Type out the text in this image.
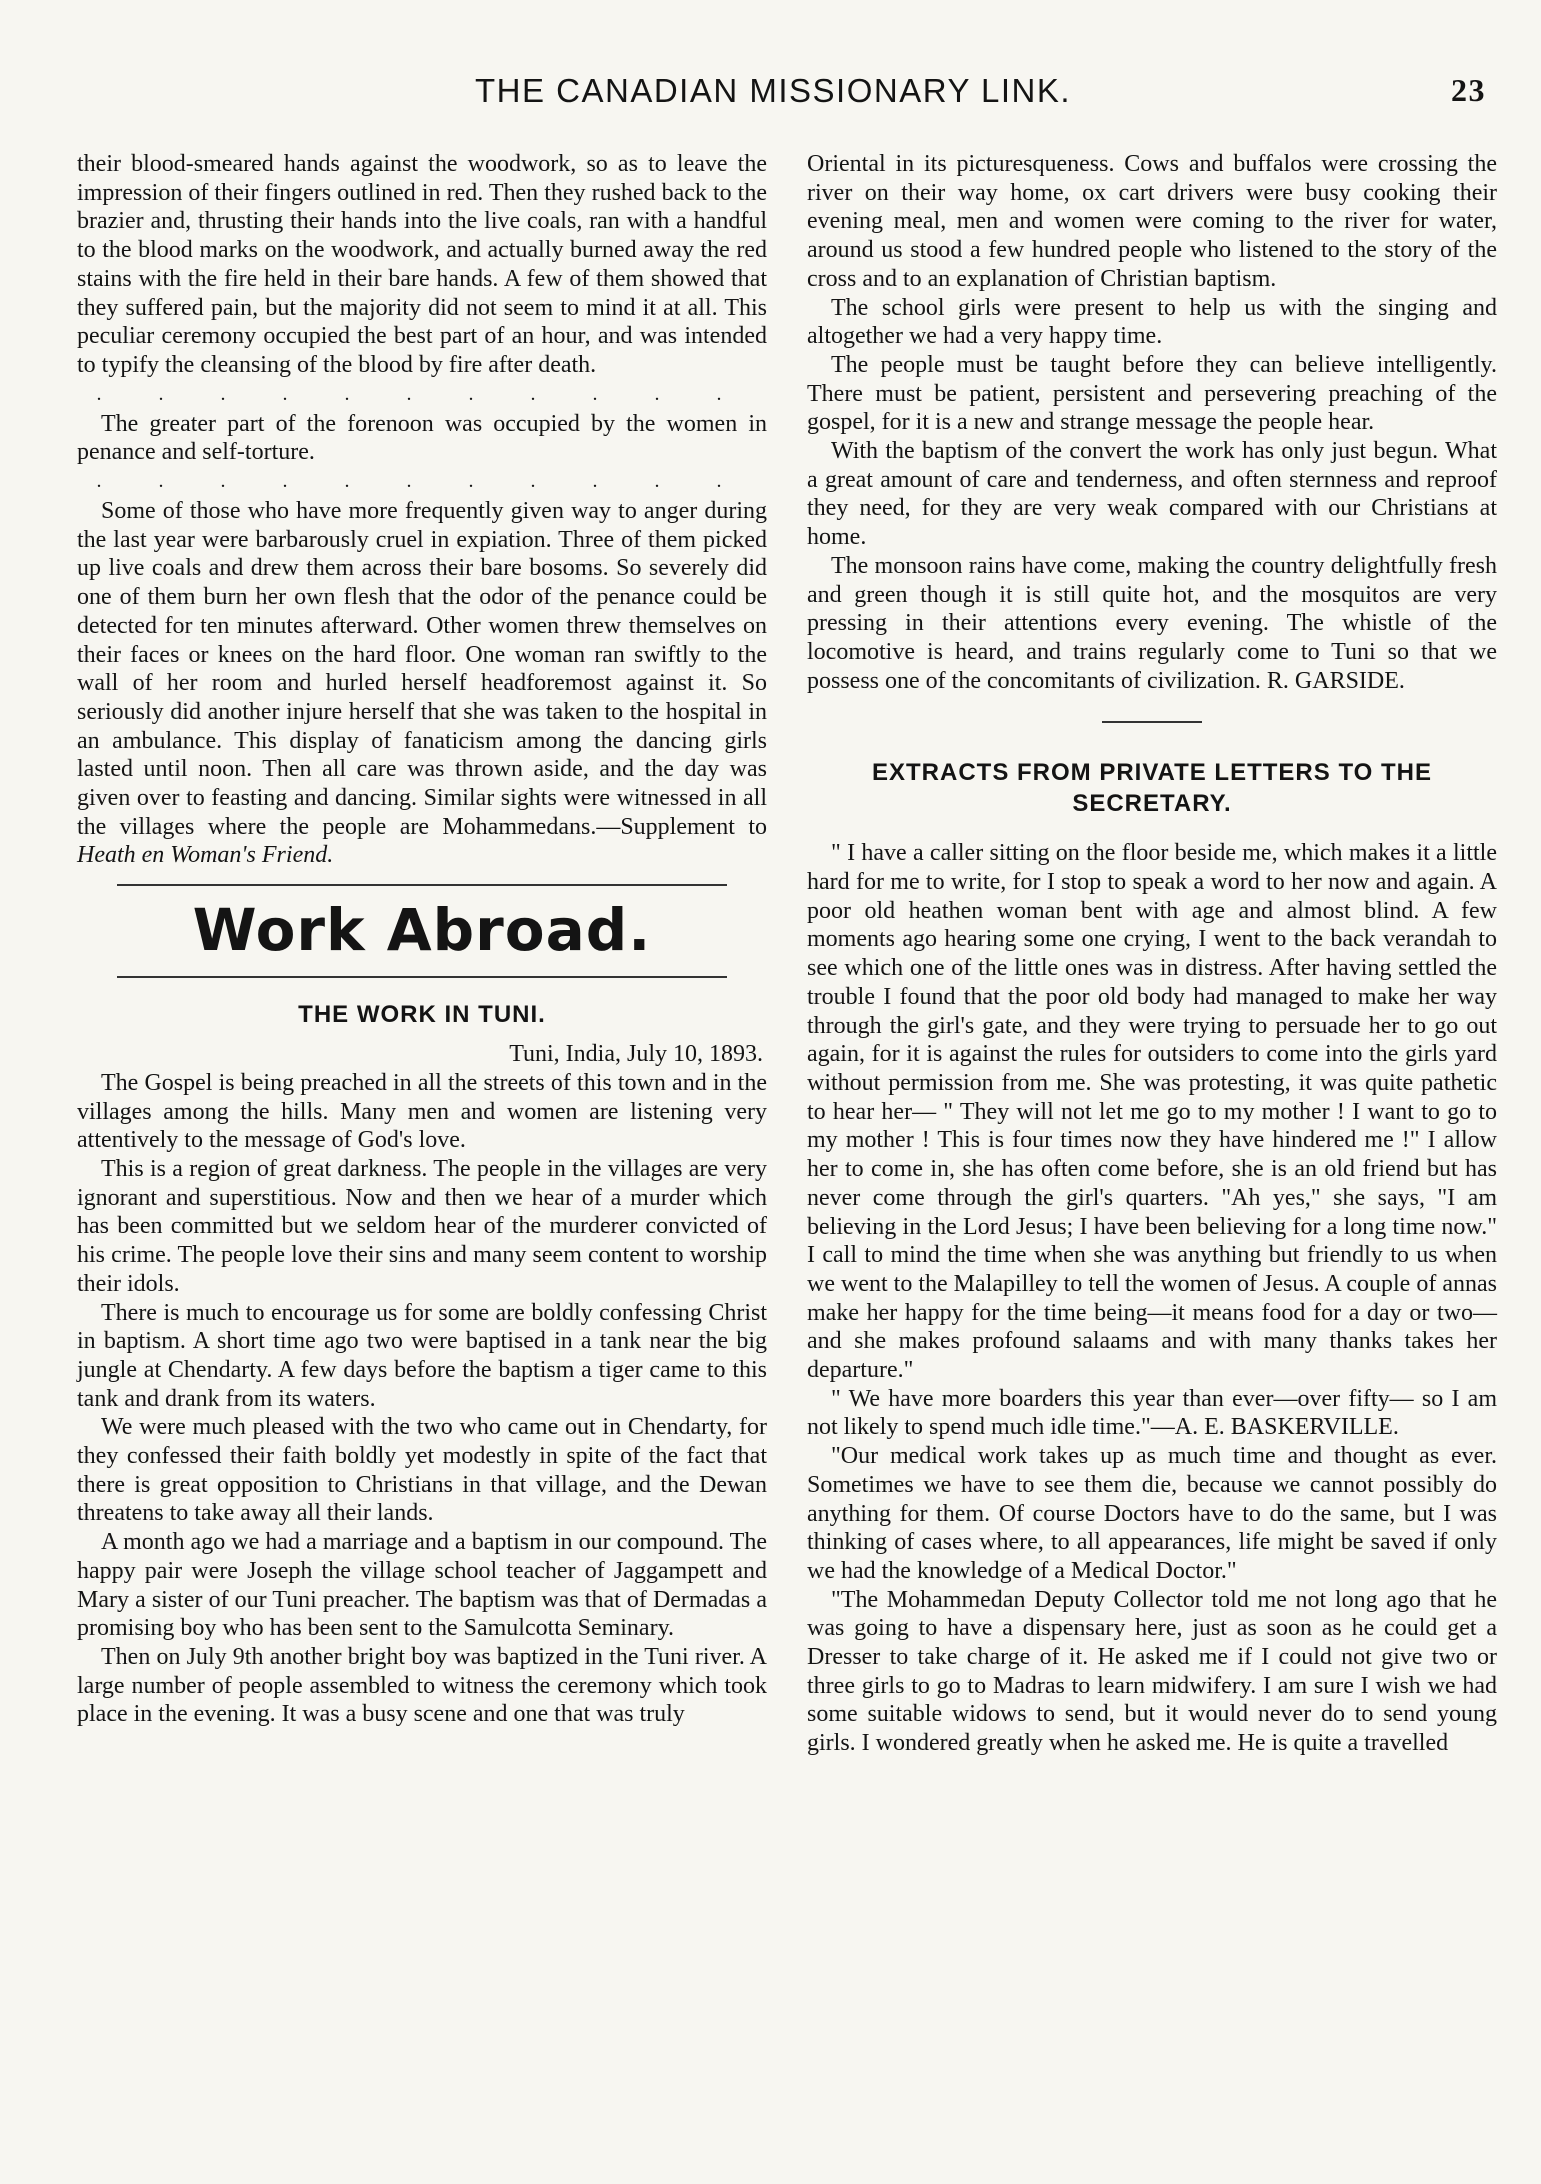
THE CANADIAN MISSIONARY LINK.	23

their blood-smeared hands against the woodwork, so as to leave the impression of their fingers outlined in red. Then they rushed back to the brazier and, thrusting their hands into the live coals, ran with a handful to the blood marks on the woodwork, and actually burned away the red stains with the fire held in their bare hands. A few of them showed that they suffered pain, but the majority did not seem to mind it at all. This peculiar ceremony occupied the best part of an hour, and was intended to typify the cleansing of the blood by fire after death.

. . . . . . . . . . .

The greater part of the forenoon was occupied by the women in penance and self-torture.

. . . . . . . . . . .

Some of those who have more frequently given way to anger during the last year were barbarously cruel in expiation. Three of them picked up live coals and drew them across their bare bosoms. So severely did one of them burn her own flesh that the odor of the penance could be detected for ten minutes afterward. Other women threw themselves on their faces or knees on the hard floor. One woman ran swiftly to the wall of her room and hurled herself headforemost against it. So seriously did another injure herself that she was taken to the hospital in an ambulance. This display of fanaticism among the dancing girls lasted until noon. Then all care was thrown aside, and the day was given over to feasting and dancing. Similar sights were witnessed in all the villages where the people are Mohammedans.—Supplement to Heath en Woman's Friend.

Work Abroad.
THE WORK IN TUNI.
Tuni, India, July 10, 1893.

The Gospel is being preached in all the streets of this town and in the villages among the hills. Many men and women are listening very attentively to the message of God's love.

This is a region of great darkness. The people in the villages are very ignorant and superstitious. Now and then we hear of a murder which has been committed but we seldom hear of the murderer convicted of his crime. The people love their sins and many seem content to worship their idols.

There is much to encourage us for some are boldly confessing Christ in baptism. A short time ago two were baptised in a tank near the big jungle at Chendarty. A few days before the baptism a tiger came to this tank and drank from its waters.

We were much pleased with the two who came out in Chendarty, for they confessed their faith boldly yet modestly in spite of the fact that there is great opposition to Christians in that village, and the Dewan threatens to take away all their lands.

A month ago we had a marriage and a baptism in our compound. The happy pair were Joseph the village school teacher of Jaggampett and Mary a sister of our Tuni preacher. The baptism was that of Dermadas a promising boy who has been sent to the Samulcotta Seminary.

Then on July 9th another bright boy was baptized in the Tuni river. A large number of people assembled to witness the ceremony which took place in the evening. It was a busy scene and one that was truly

Oriental in its picturesqueness. Cows and buffalos were crossing the river on their way home, ox cart drivers were busy cooking their evening meal, men and women were coming to the river for water, around us stood a few hundred people who listened to the story of the cross and to an explanation of Christian baptism.

The school girls were present to help us with the singing and altogether we had a very happy time.

The people must be taught before they can believe intelligently. There must be patient, persistent and persevering preaching of the gospel, for it is a new and strange message the people hear.

With the baptism of the convert the work has only just begun. What a great amount of care and tenderness, and often sternness and reproof they need, for they are very weak compared with our Christians at home.

The monsoon rains have come, making the country delightfully fresh and green though it is still quite hot, and the mosquitos are very pressing in their attentions every evening. The whistle of the locomotive is heard, and trains regularly come to Tuni so that we possess one of the concomitants of civilization. R. GARSIDE.

EXTRACTS FROM PRIVATE LETTERS TO THE SECRETARY.

" I have a caller sitting on the floor beside me, which makes it a little hard for me to write, for I stop to speak a word to her now and again. A poor old heathen woman bent with age and almost blind. A few moments ago hearing some one crying, I went to the back verandah to see which one of the little ones was in distress. After having settled the trouble I found that the poor old body had managed to make her way through the girl's gate, and they were trying to persuade her to go out again, for it is against the rules for outsiders to come into the girls yard without permission from me. She was protesting, it was quite pathetic to hear her— " They will not let me go to my mother ! I want to go to my mother ! This is four times now they have hindered me !" I allow her to come in, she has often come before, she is an old friend but has never come through the girl's quarters. "Ah yes," she says, "I am believing in the Lord Jesus; I have been believing for a long time now." I call to mind the time when she was anything but friendly to us when we went to the Malapilley to tell the women of Jesus. A couple of annas make her happy for the time being—it means food for a day or two—and she makes profound salaams and with many thanks takes her departure."

" We have more boarders this year than ever—over fifty— so I am not likely to spend much idle time."—A. E. BASKERVILLE.

"Our medical work takes up as much time and thought as ever. Sometimes we have to see them die, because we cannot possibly do anything for them. Of course Doctors have to do the same, but I was thinking of cases where, to all appearances, life might be saved if only we had the knowledge of a Medical Doctor."

"The Mohammedan Deputy Collector told me not long ago that he was going to have a dispensary here, just as soon as he could get a Dresser to take charge of it. He asked me if I could not give two or three girls to go to Madras to learn midwifery. I am sure I wish we had some suitable widows to send, but it would never do to send young girls. I wondered greatly when he asked me. He is quite a travelled
